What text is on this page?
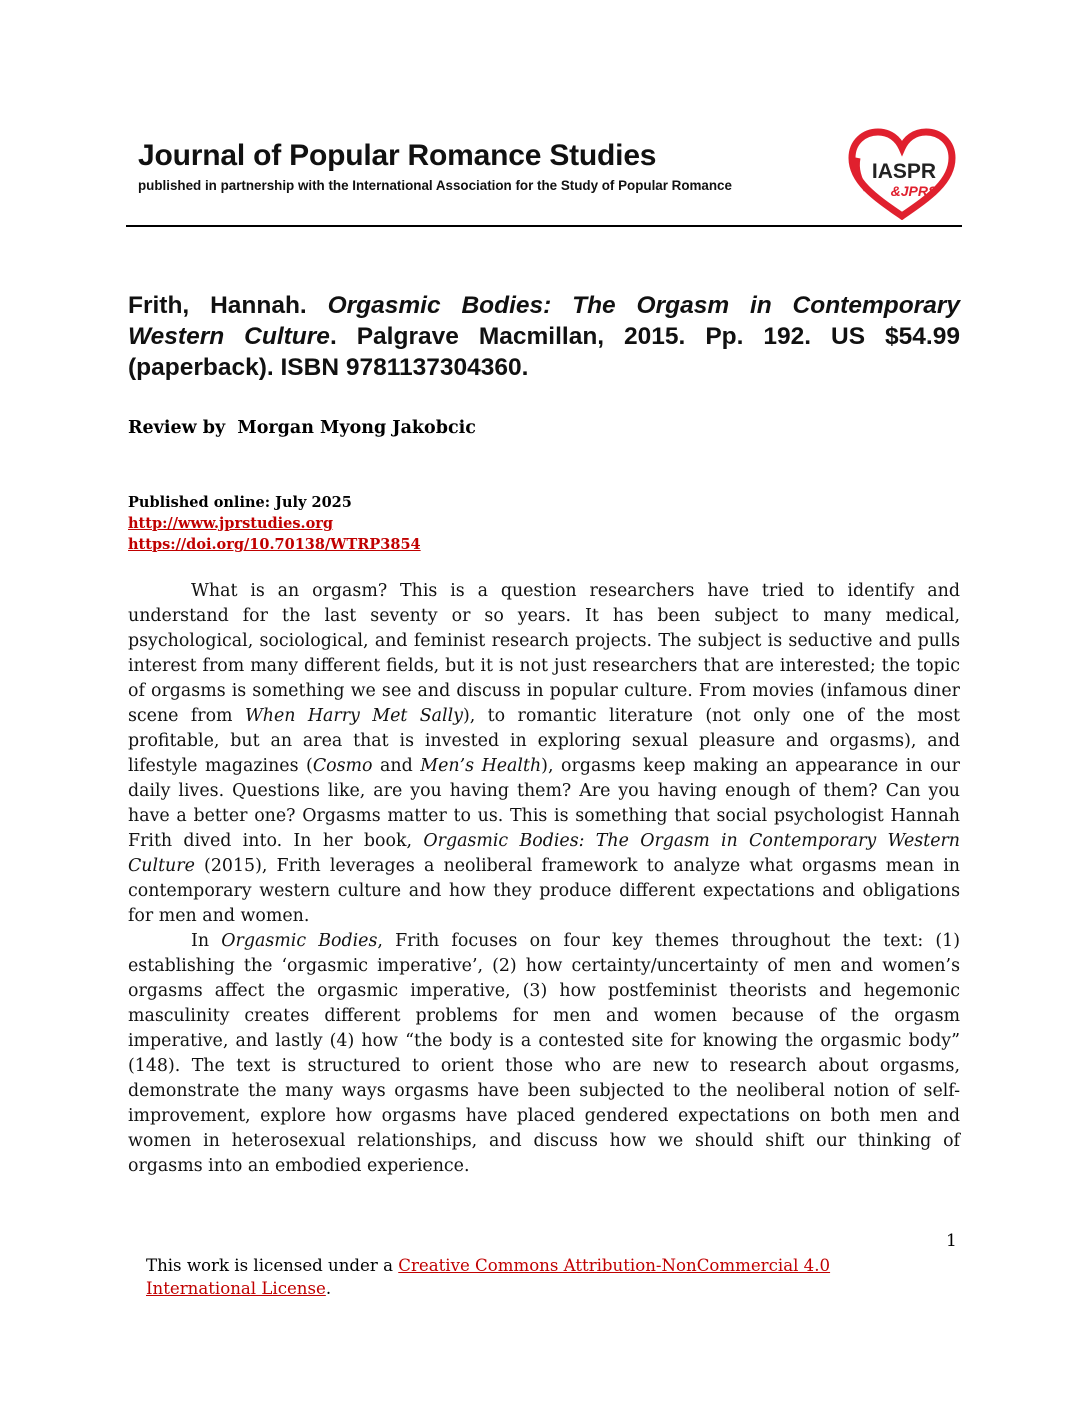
Journal of Popular Romance Studies
published in partnership with the International Association for the Study of Popular Romance
IASPR
&JPRS
Frith, Hannah. Orgasmic Bodies: The Orgasm in Contemporary Western Culture. Palgrave Macmillan, 2015. Pp. 192. US $54.99 (paperback). ISBN 9781137304360.
Review by  Morgan Myong Jakobcic
Published online: July 2025
http://www.jprstudies.org
https://doi.org/10.70138/WTRP3854

What is an orgasm? This is a question researchers have tried to identify and understand for the last seventy or so years. It has been subject to many medical, psychological, sociological, and feminist research projects. The subject is seductive and pulls interest from many different fields, but it is not just researchers that are interested; the topic of orgasms is something we see and discuss in popular culture. From movies (infamous diner scene from When Harry Met Sally), to romantic literature (not only one of the most profitable, but an area that is invested in exploring sexual pleasure and orgasms), and lifestyle magazines (Cosmo and Men’s Health), orgasms keep making an appearance in our daily lives. Questions like, are you having them? Are you having enough of them? Can you have a better one? Orgasms matter to us. This is something that social psychologist Hannah Frith dived into. In her book, Orgasmic Bodies: The Orgasm in Contemporary Western Culture (2015), Frith leverages a neoliberal framework to analyze what orgasms mean in contemporary western culture and how they produce different expectations and obligations for men and women.

In Orgasmic Bodies, Frith focuses on four key themes throughout the text: (1) establishing the ‘orgasmic imperative’, (2) how certainty/uncertainty of men and women’s orgasms affect the orgasmic imperative, (3) how postfeminist theorists and hegemonic masculinity creates different problems for men and women because of the orgasm imperative, and lastly (4) how “the body is a contested site for knowing the orgasmic body” (148). The text is structured to orient those who are new to research about orgasms, demonstrate the many ways orgasms have been subjected to the neoliberal notion of self-improvement, explore how orgasms have placed gendered expectations on both men and women in heterosexual relationships, and discuss how we should shift our thinking of orgasms into an embodied experience.

1
This work is licensed under a Creative Commons Attribution-NonCommercial 4.0 International License.
